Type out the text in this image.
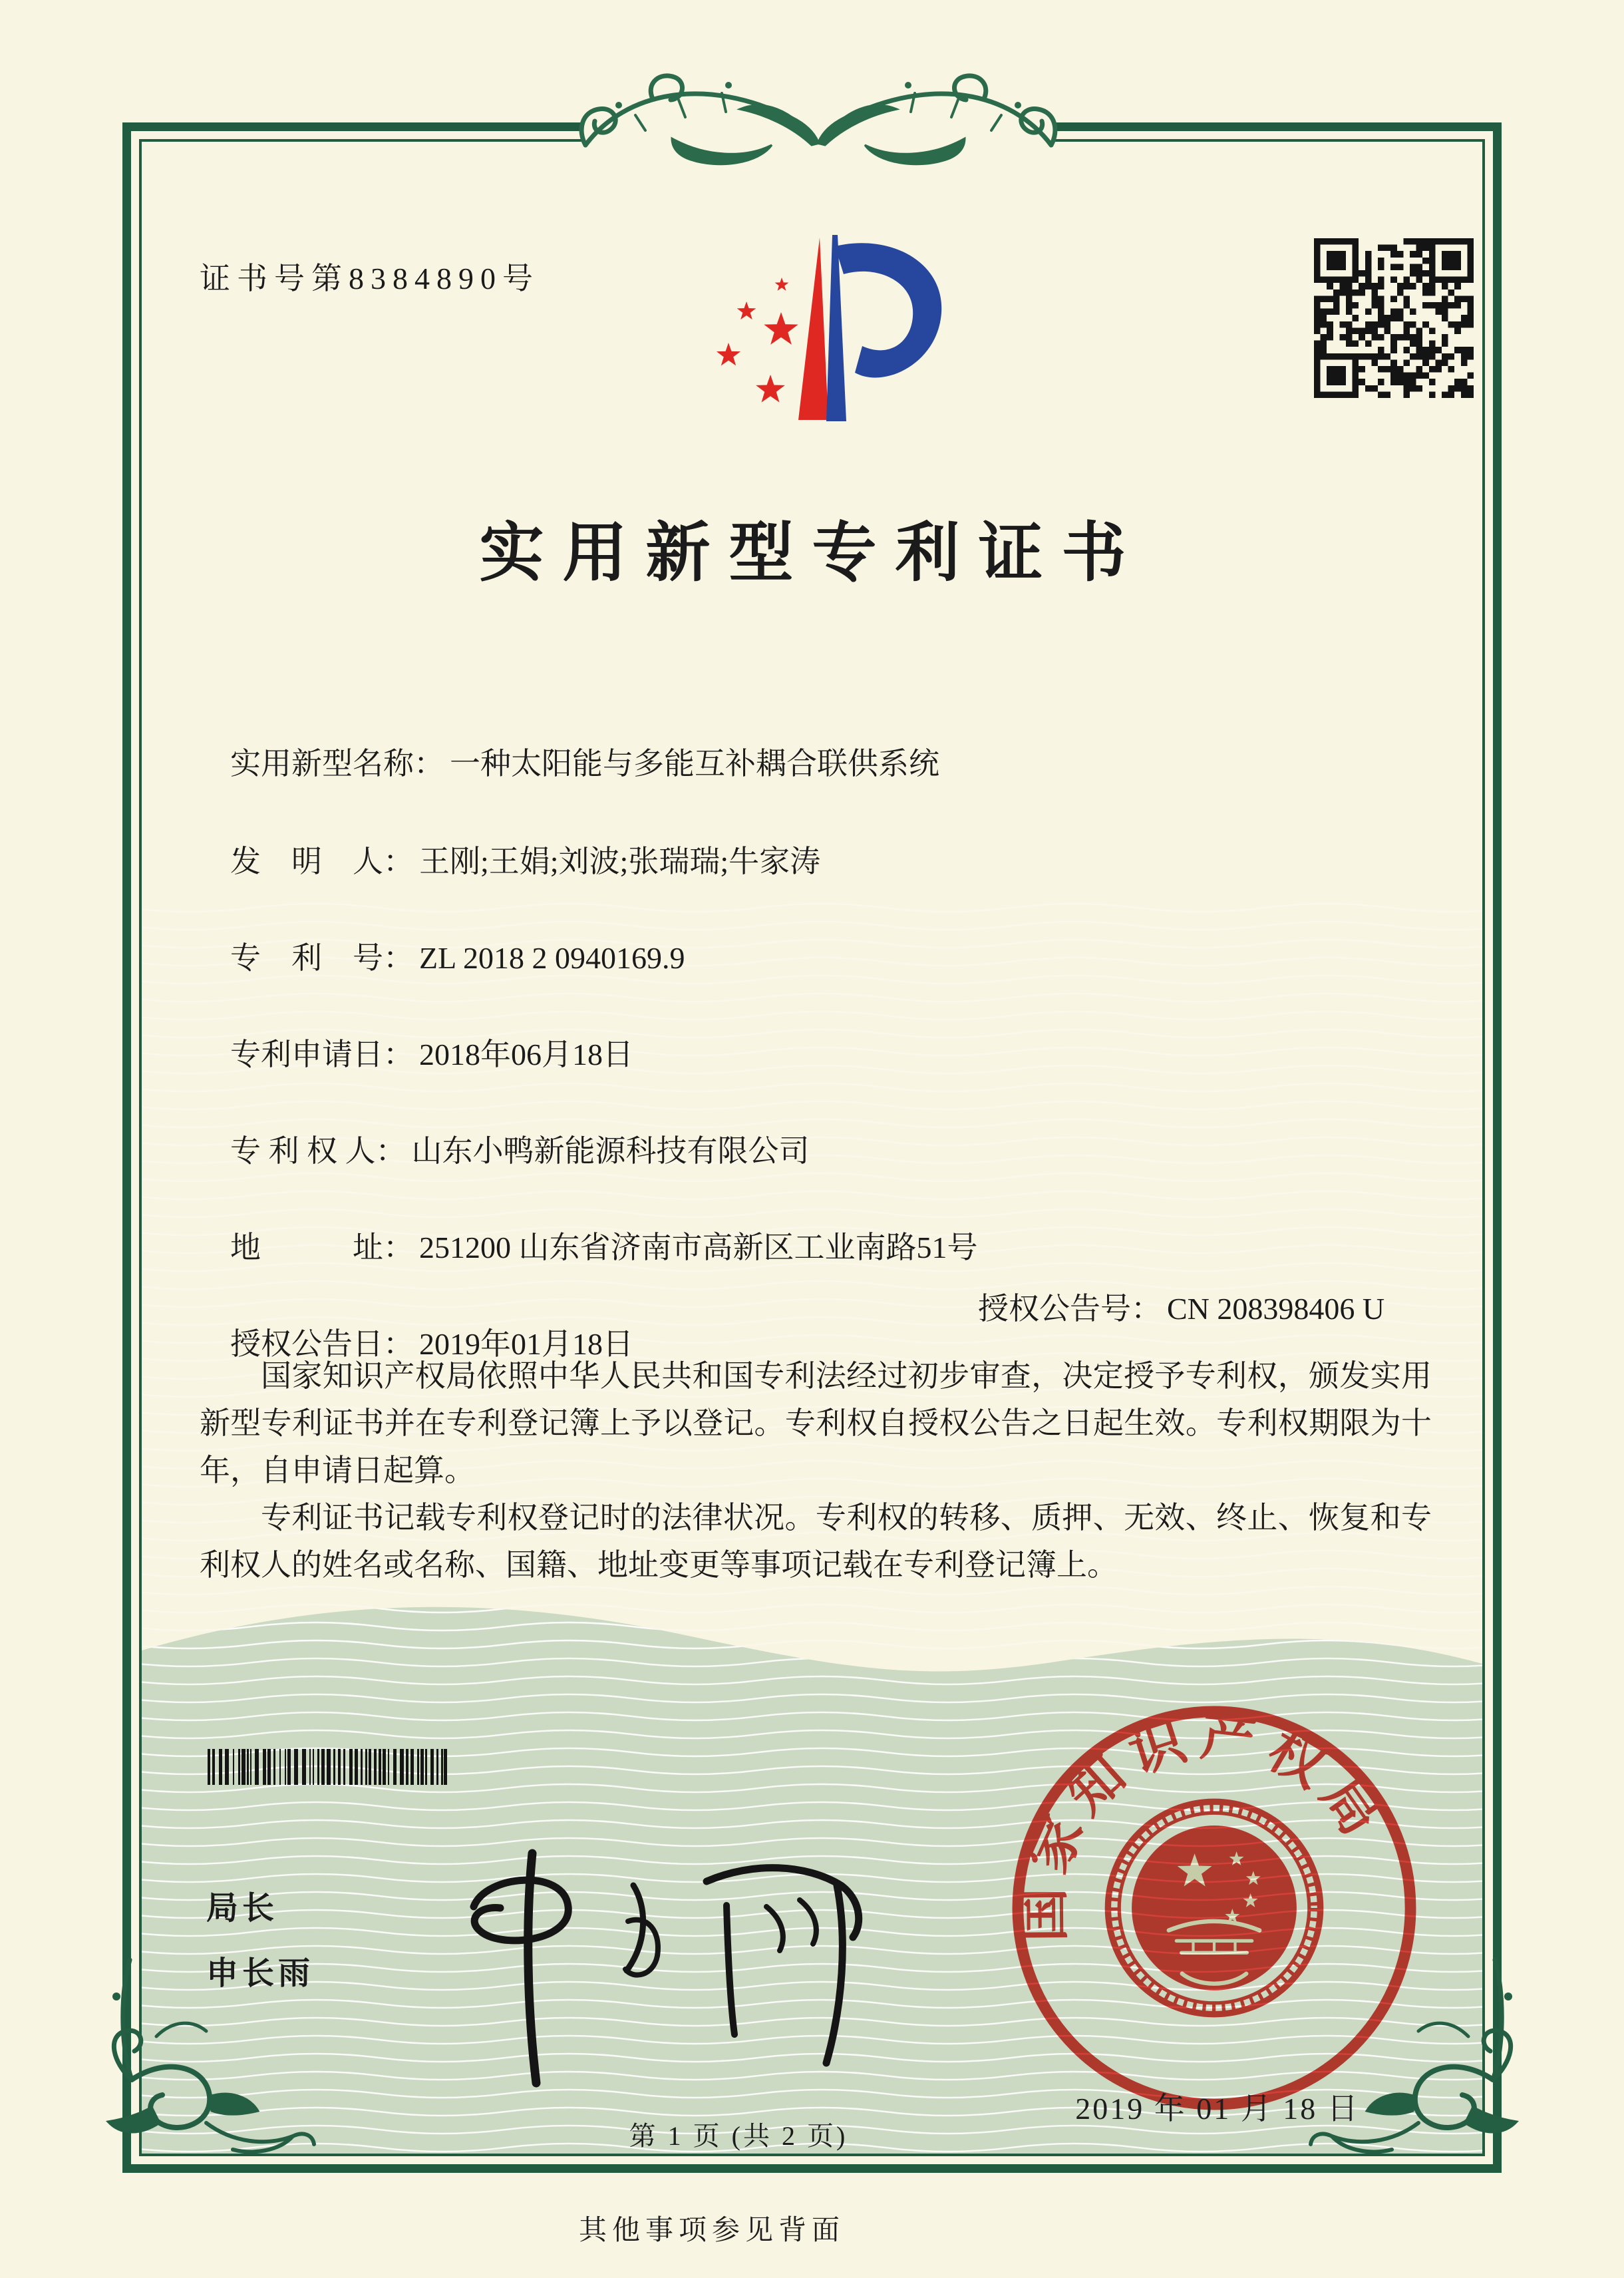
证书号第8384890号
实用新型专利证书

实用新型名称： 一种太阳能与多能互补耦合联供系统

发　明　人： 王刚;王娟;刘波;张瑞瑞;牛家涛

专　利　号： ZL 2018 2 0940169.9

专利申请日： 2018年06月18日

专 利 权 人： 山东小鸭新能源科技有限公司

地　　　址： 251200 山东省济南市高新区工业南路51号

授权公告日： 2019年01月18日

授权公告号： CN 208398406 U

国家知识产权局依照中华人民共和国专利法经过初步审查，决定授予专利权，颁发实用新型专利证书并在专利登记簿上予以登记。专利权自授权公告之日起生效。专利权期限为十年，自申请日起算。

专利证书记载专利权登记时的法律状况。专利权的转移、质押、无效、终止、恢复和专利权人的姓名或名称、国籍、地址变更等事项记载在专利登记簿上。

局长
申长雨
国家知识产权局
2019 年 01 月 18 日
第 1 页 (共 2 页)
其他事项参见背面
